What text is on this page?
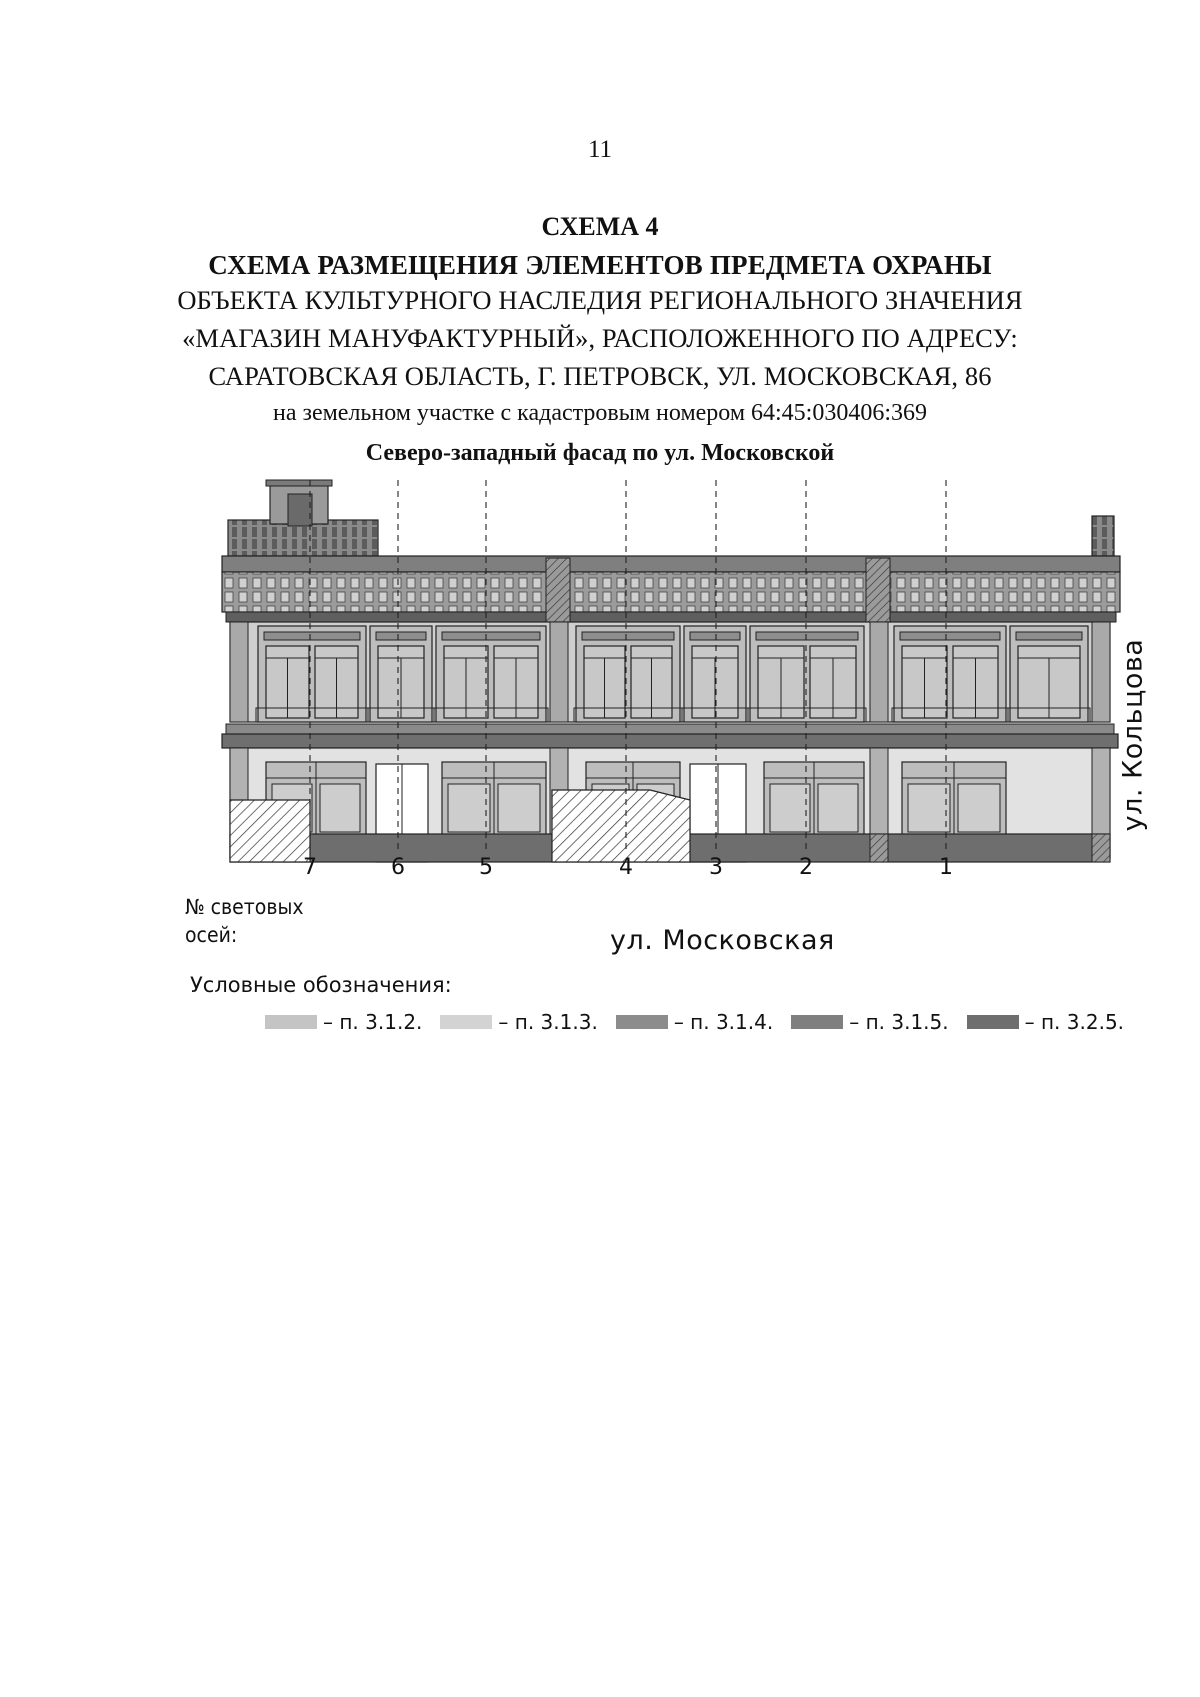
11
СХЕМА 4
СХЕМА РАЗМЕЩЕНИЯ ЭЛЕМЕНТОВ ПРЕДМЕТА ОХРАНЫ
ОБЪЕКТА КУЛЬТУРНОГО НАСЛЕДИЯ РЕГИОНАЛЬНОГО ЗНАЧЕНИЯ
«МАГАЗИН МАНУФАКТУРНЫЙ», РАСПОЛОЖЕННОГО ПО АДРЕСУ:
САРАТОВСКАЯ ОБЛАСТЬ, Г. ПЕТРОВСК, УЛ. МОСКОВСКАЯ, 86
на земельном участке с кадастровым номером 64:45:030406:369
Северо-западный фасад по ул. Московской
7	6	5	4	3	2	1
№ световых
осей:	ул. Московская
ул. Кольцова
Условные обозначения:
– п. 3.1.2.	– п. 3.1.3.	– п. 3.1.4.	– п. 3.1.5.	– п. 3.2.5.
